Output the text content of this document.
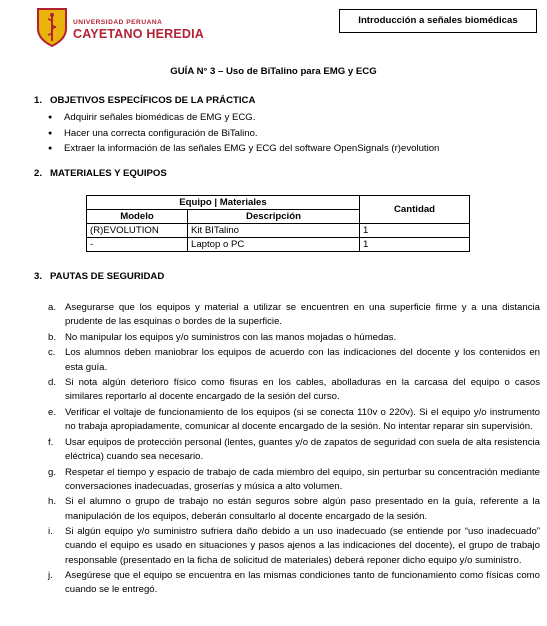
UNIVERSIDAD PERUANA
CAYETANO HEREDIA
Introducción a señales biomédicas
GUÍA N° 3 – Uso de BiTalino para EMG y ECG
1. OBJETIVOS ESPECÍFICOS DE LA PRÁCTICA
● Adquirir señales biomédicas de EMG y ECG.
● Hacer una correcta configuración de BiTalino.
● Extraer la información de las señales EMG y ECG del software OpenSignals (r)evolution
2. MATERIALES Y EQUIPOS
Equipo | Materiales		Cantidad
Modelo	Descripción	
(R)EVOLUTION	Kit BITalino	1
-	Laptop o PC	1
3. PAUTAS DE SEGURIDAD
a. Asegurarse que los equipos y material a utilizar se encuentren en una superficie firme y a una distancia prudente de las esquinas o bordes de la superficie.
b. No manipular los equipos y/o suministros con las manos mojadas o húmedas.
c. Los alumnos deben maniobrar los equipos de acuerdo con las indicaciones del docente y los contenidos en esta guía.
d. Si nota algún deterioro físico como fisuras en los cables, abolladuras en la carcasa del equipo o casos similares reportarlo al docente encargado de la sesión del curso.
e. Verificar el voltaje de funcionamiento de los equipos (si se conecta 110v o 220v). Si el equipo y/o instrumento no trabaja apropiadamente, comunicar al docente encargado de la sesión. No intentar reparar sin supervisión.
f. Usar equipos de protección personal (lentes, guantes y/o de zapatos de seguridad con suela de alta resistencia eléctrica) cuando sea necesario.
g. Respetar el tiempo y espacio de trabajo de cada miembro del equipo, sin perturbar su concentración mediante conversaciones inadecuadas, groserías y música a alto volumen.
h. Si el alumno o grupo de trabajo no están seguros sobre algún paso presentado en la guía, referente a la manipulación de los equipos, deberán consultarlo al docente encargado de la sesión.
i. Si algún equipo y/o suministro sufriera daño debido a un uso inadecuado (se entiende por “uso inadecuado” cuando el equipo es usado en situaciones y pasos ajenos a las indicaciones del docente), el grupo de trabajo responsable (presentado en la ficha de solicitud de materiales) deberá reponer dicho equipo y/o suministro.
j. Asegúrese que el equipo se encuentra en las mismas condiciones tanto de funcionamiento como físicas como cuando se le entregó.
